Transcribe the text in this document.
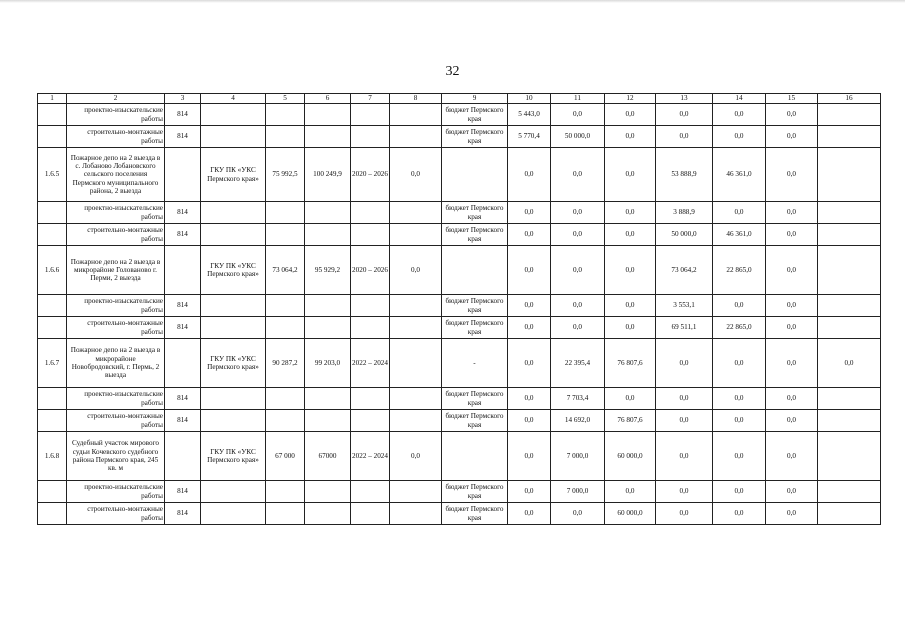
32
1	2	3	4	5	6	7	8	9	10	11	12	13	14	15	16
	проектно-изыскательские работы	814						бюджет Пермского края	5 443,0	0,0	0,0	0,0	0,0	0,0	
	строительно-монтажные работы	814						бюджет Пермского края	5 770,4	50 000,0	0,0	0,0	0,0	0,0	
1.6.5	Пожарное депо на 2 выезда в с. Лобаново Лобановского сельского поселения Пермского муниципального района, 2 выезда		ГКУ ПК «УКС Пермского края»	75 992,5	100 249,9	2020 – 2026	0,0		0,0	0,0	0,0	53 888,9	46 361,0	0,0	
	проектно-изыскательские работы	814						бюджет Пермского края	0,0	0,0	0,0	3 888,9	0,0	0,0	
	строительно-монтажные работы	814						бюджет Пермского края	0,0	0,0	0,0	50 000,0	46 361,0	0,0	
1.6.6	Пожарное депо на 2 выезда в микрорайоне Голованово г. Перми, 2 выезда		ГКУ ПК «УКС Пермского края»	73 064,2	95 929,2	2020 – 2026	0,0		0,0	0,0	0,0	73 064,2	22 865,0	0,0	
	проектно-изыскательские работы	814						бюджет Пермского края	0,0	0,0	0,0	3 553,1	0,0	0,0	
	строительно-монтажные работы	814						бюджет Пермского края	0,0	0,0	0,0	69 511,1	22 865,0	0,0	
1.6.7	Пожарное депо на 2 выезда в микрорайоне Новобродовский, г. Пермь, 2 выезда		ГКУ ПК «УКС Пермского края»	90 287,2	99 203,0	2022 – 2024		-	0,0	22 395,4	76 807,6	0,0	0,0	0,0	0,0
	проектно-изыскательские работы	814						бюджет Пермского края	0,0	7 703,4	0,0	0,0	0,0	0,0	
	строительно-монтажные работы	814						бюджет Пермского края	0,0	14 692,0	76 807,6	0,0	0,0	0,0	
1.6.8	Судебный участок мирового судьи Кочевского судебного района Пермского края, 245 кв. м		ГКУ ПК «УКС Пермского края»	67 000	67000	2022 – 2024	0,0		0,0	7 000,0	60 000,0	0,0	0,0	0,0	
	проектно-изыскательские работы	814						бюджет Пермского края	0,0	7 000,0	0,0	0,0	0,0	0,0	
	строительно-монтажные работы	814						бюджет Пермского края	0,0	0,0	60 000,0	0,0	0,0	0,0	
